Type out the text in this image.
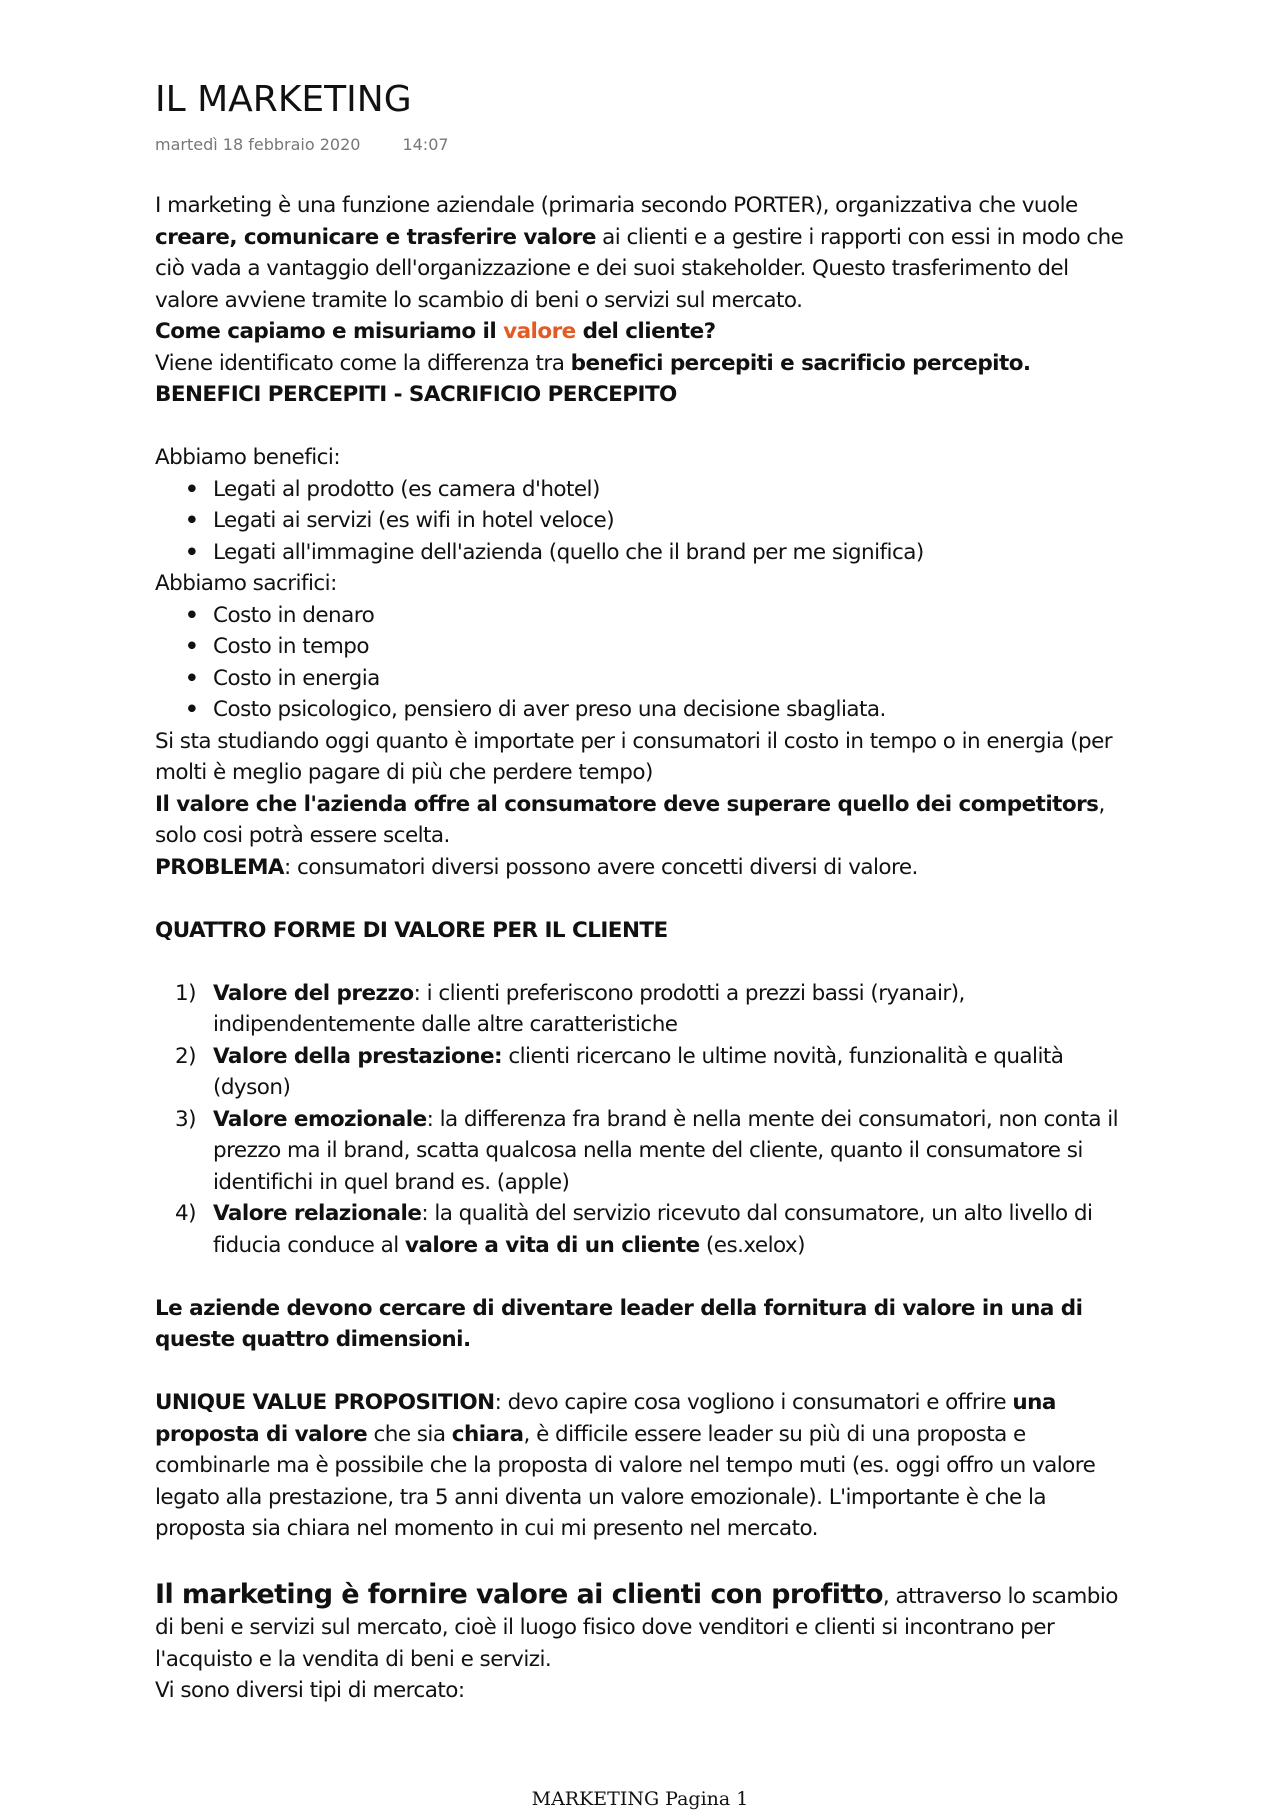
IL MARKETING
martedì 18 febbraio 2020	14:07

I marketing è una funzione aziendale (primaria secondo PORTER), organizzativa che vuole creare, comunicare e trasferire valore ai clienti e a gestire i rapporti con essi in modo che ciò vada a vantaggio dell'organizzazione e dei suoi stakeholder. Questo trasferimento del valore avviene tramite lo scambio di beni o servizi sul mercato.

Come capiamo e misuriamo il valore del cliente?

Viene identificato come la differenza tra benefici percepiti e sacrificio percepito.

BENEFICI PERCEPITI - SACRIFICIO PERCEPITO

Abbiamo benefici:

• Legati al prodotto (es camera d'hotel)
• Legati ai servizi (es wifi in hotel veloce)
• Legati all'immagine dell'azienda (quello che il brand per me significa)

Abbiamo sacrifici:

• Costo in denaro
• Costo in tempo
• Costo in energia
• Costo psicologico, pensiero di aver preso una decisione sbagliata.

Si sta studiando oggi quanto è importate per i consumatori il costo in tempo o in energia (per molti è meglio pagare di più che perdere tempo)

Il valore che l'azienda offre al consumatore deve superare quello dei competitors, solo cosi potrà essere scelta.

PROBLEMA: consumatori diversi possono avere concetti diversi di valore.

QUATTRO FORME DI VALORE PER IL CLIENTE

1) Valore del prezzo: i clienti preferiscono prodotti a prezzi bassi (ryanair), indipendentemente dalle altre caratteristiche
2) Valore della prestazione: clienti ricercano le ultime novità, funzionalità e qualità (dyson)
3) Valore emozionale: la differenza fra brand è nella mente dei consumatori, non conta il prezzo ma il brand, scatta qualcosa nella mente del cliente, quanto il consumatore si identifichi in quel brand es. (apple)
4) Valore relazionale: la qualità del servizio ricevuto dal consumatore, un alto livello di fiducia conduce al valore a vita di un cliente (es.xelox)

Le aziende devono cercare di diventare leader della fornitura di valore in una di queste quattro dimensioni.

UNIQUE VALUE PROPOSITION: devo capire cosa vogliono i consumatori e offrire una proposta di valore che sia chiara, è difficile essere leader su più di una proposta e combinarle ma è possibile che la proposta di valore nel tempo muti (es. oggi offro un valore legato alla prestazione, tra 5 anni diventa un valore emozionale). L'importante è che la proposta sia chiara nel momento in cui mi presento nel mercato.

Il marketing è fornire valore ai clienti con profitto, attraverso lo scambio di beni e servizi sul mercato, cioè il luogo fisico dove venditori e clienti si incontrano per l'acquisto e la vendita di beni e servizi.

Vi sono diversi tipi di mercato:

MARKETING Pagina 1
